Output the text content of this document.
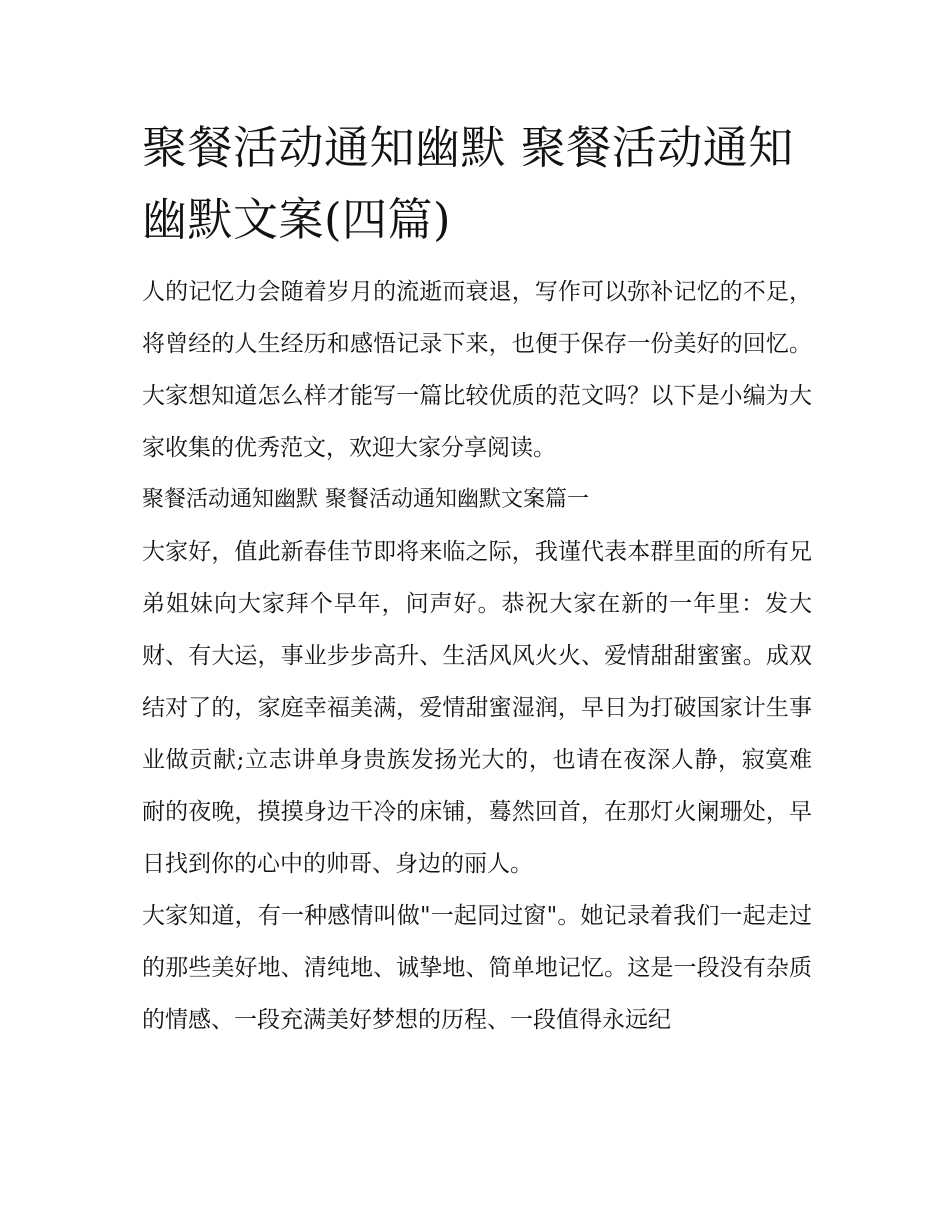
聚餐活动通知幽默 聚餐活动通知幽默文案(四篇)

人的记忆力会随着岁月的流逝而衰退，写作可以弥补记忆的不足，将曾经的人生经历和感悟记录下来，也便于保存一份美好的回忆。大家想知道怎么样才能写一篇比较优质的范文吗？以下是小编为大家收集的优秀范文，欢迎大家分享阅读。

聚餐活动通知幽默 聚餐活动通知幽默文案篇一

大家好，值此新春佳节即将来临之际，我谨代表本群里面的所有兄弟姐妹向大家拜个早年，问声好。恭祝大家在新的一年里：发大财、有大运，事业步步高升、生活风风火火、爱情甜甜蜜蜜。成双结对了的，家庭幸福美满，爱情甜蜜湿润，早日为打破国家计生事业做贡献;立志讲单身贵族发扬光大的，也请在夜深人静，寂寞难耐的夜晚，摸摸身边干冷的床铺，蓦然回首，在那灯火阑珊处，早日找到你的心中的帅哥、身边的丽人。

大家知道，有一种感情叫做"一起同过窗"。她记录着我们一起走过的那些美好地、清纯地、诚挚地、简单地记忆。这是一段没有杂质的情感、一段充满美好梦想的历程、一段值得永远纪
